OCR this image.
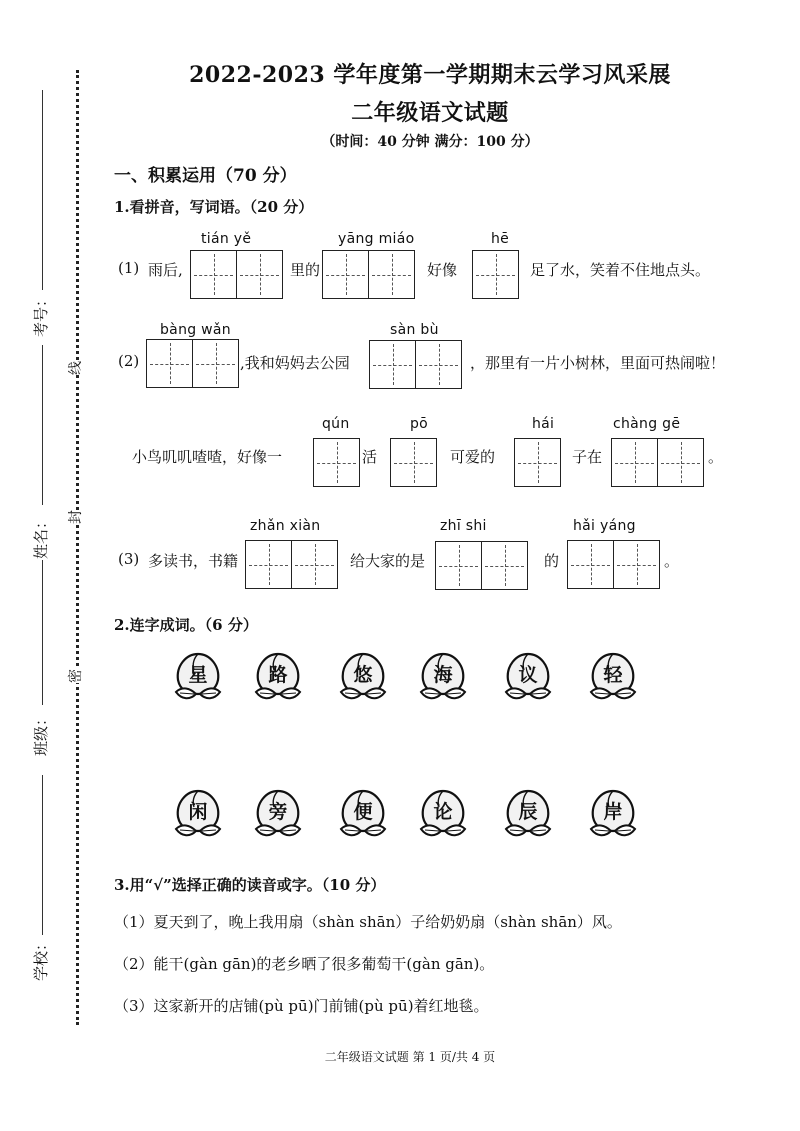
考号：
姓名：
班级：
学校：
线
封
密
2022-2023 学年度第一学期期末云学习风采展
二年级语文试题
（时间：40 分钟 满分：100 分）
一、积累运用（70 分）
1.看拼音，写词语。（20 分）
tián yě	yāng miáo	hē
(1) 雨后,	里的	好像	足了水，笑着不住地点头。
bàng wǎn	sàn bù
(2)	,我和妈妈去公园	，那里有一片小树林，里面可热闹啦！
qún	pō	hái	chàng gē
小鸟叽叽喳喳，好像一	活	可爱的	子在	。
zhǎn xiàn	zhī shi	hǎi yáng
(3) 多读书，书籍	给大家的是	的	。
2.连字成词。（6 分）
星	路	悠	海	议	轻
闲	旁	便	论	辰	岸
3.用“√”选择正确的读音或字。（10 分）
（1）夏天到了，晚上我用扇（shàn shān）子给奶奶扇（shàn shān）风。
（2）能干(gàn gān)的老乡晒了很多葡萄干(gàn gān)。
（3）这家新开的店铺(pù pū)门前铺(pù pū)着红地毯。
二年级语文试题 第 1 页/共 4 页
